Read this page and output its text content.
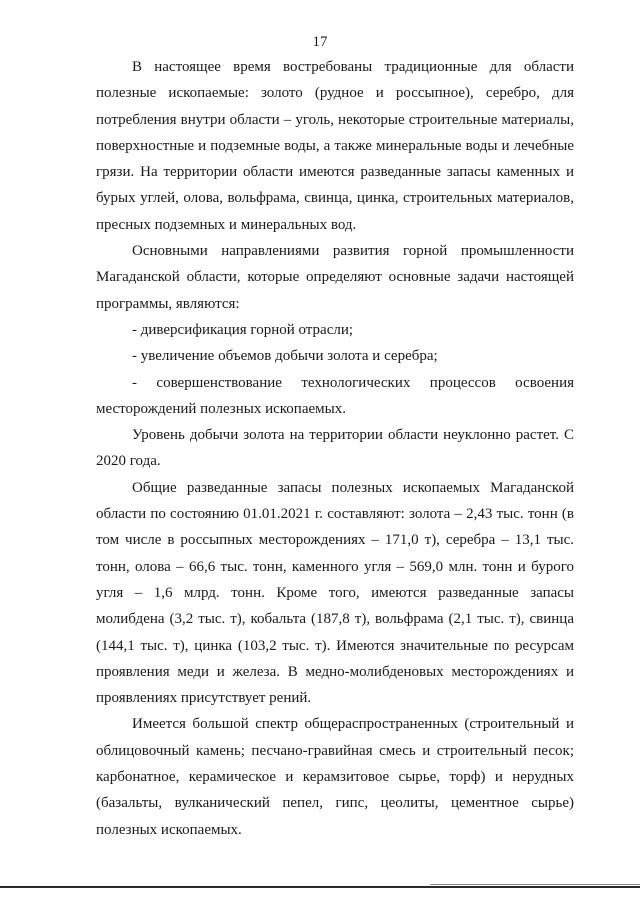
17

В настоящее время востребованы традиционные для области полезные ископаемые: золото (рудное и россыпное), серебро, для потребления внутри области – уголь, некоторые строительные материалы, поверхностные и подземные воды, а также минеральные воды и лечебные грязи. На территории области имеются разведанные запасы каменных и бурых углей, олова, вольфрама, свинца, цинка, строительных материалов, пресных подземных и минеральных вод.

Основными направлениями развития горной промышленности Магаданской области, которые определяют основные задачи настоящей программы, являются:

- диверсификация горной отрасли;

- увеличение объемов добычи золота и серебра;

- совершенствование технологических процессов освоения месторождений полезных ископаемых.

Уровень добычи золота на территории области неуклонно растет. С 2020 года.

Общие разведанные запасы полезных ископаемых Магаданской области по состоянию 01.01.2021 г. составляют: золота – 2,43 тыс. тонн (в том числе в россыпных месторождениях – 171,0 т), серебра – 13,1 тыс. тонн, олова – 66,6 тыс. тонн, каменного угля – 569,0 млн. тонн и бурого угля – 1,6 млрд. тонн. Кроме того, имеются разведанные запасы молибдена (3,2 тыс. т), кобальта (187,8 т), вольфрама (2,1 тыс. т), свинца (144,1 тыс. т), цинка (103,2 тыс. т). Имеются значительные по ресурсам проявления меди и железа. В медно-молибденовых месторождениях и проявлениях присутствует рений.

Имеется большой спектр общераспространенных (строительный и облицовочный камень; песчано-гравийная смесь и строительный песок; карбонатное, керамическое и керамзитовое сырье, торф) и нерудных (базальты, вулканический пепел, гипс, цеолиты, цементное сырье) полезных ископаемых.
